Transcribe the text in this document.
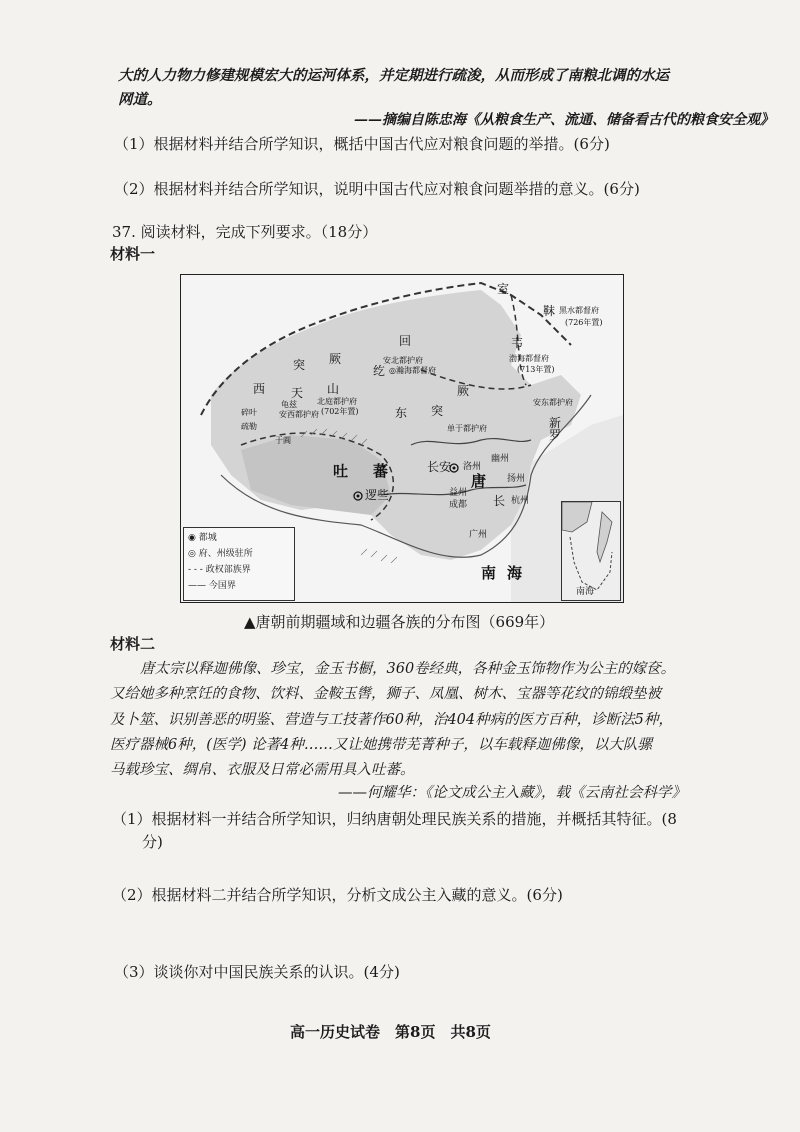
大的人力物力修建规模宏大的运河体系，并定期进行疏浚，从而形成了南粮北调的水运
网道。
——摘编自陈忠海《从粮食生产、流通、储备看古代的粮食安全观》
（1）根据材料并结合所学知识，概括中国古代应对粮食问题的举措。(6分)
（2）根据材料并结合所学知识，说明中国古代应对粮食问题举措的意义。(6分)
37. 阅读材料，完成下列要求。（18分）
材料一
室
靺 黑水都督府
(726年置)
回	韦
渤海都督府
(713年置)
安北都护府
◎瀚海都督府
纥
西
突
天 山
厥
东 突
厥
北庭都护府
(702年置)
龟兹
安西都护府
碎叶
疏勒
于阗
单于都护府
幽州
安东都护府
新罗
吐 蕃
逻些
长安 洛州
唐 扬州
益州
成都	杭州
长
广州
南 海
◉ 都城
◎ 府、州级驻所
- - - 政权部族界
—— 今国界
南海
▲唐朝前期疆域和边疆各族的分布图（669年）
材料二
唐太宗以释迦佛像、珍宝，金玉书橱，360卷经典，各种金玉饰物作为公主的嫁奁。
又给她多种烹饪的食物、饮料、金鞍玉辔，狮子、凤凰、树木、宝器等花纹的锦缎垫被
及卜筮、识别善恶的明鉴、营造与工技著作60种，治404种病的医方百种，诊断法5种，
医疗器械6种，(医学) 论著4种……又让她携带芜菁种子，以车载释迦佛像，以大队骡
马载珍宝、绸帛、衣服及日常必需用具入吐蕃。
——何耀华：《论文成公主入藏》，载《云南社会科学》
（1）根据材料一并结合所学知识，归纳唐朝处理民族关系的措施，并概括其特征。(8
分)
（2）根据材料二并结合所学知识，分析文成公主入藏的意义。(6分)
（3）谈谈你对中国民族关系的认识。(4分)
高一历史试卷　第8页　共8页
